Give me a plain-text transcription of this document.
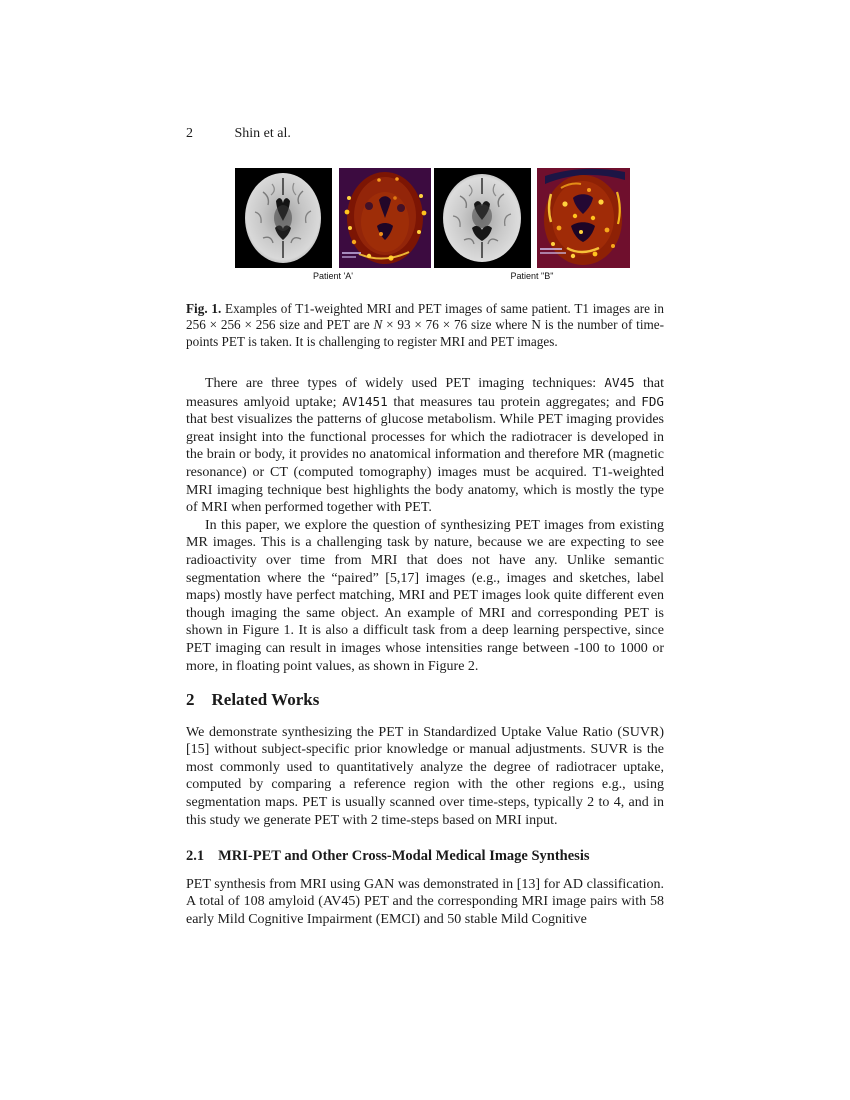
2	Shin et al.
Patient 'A'	Patient "B"
Fig. 1. Examples of T1-weighted MRI and PET images of same patient. T1 images are in 256 × 256 × 256 size and PET are N × 93 × 76 × 76 size where N is the number of time-points PET is taken. It is challenging to register MRI and PET images.

There are three types of widely used PET imaging techniques: AV45 that measures amlyoid uptake; AV1451 that measures tau protein aggregates; and FDG that best visualizes the patterns of glucose metabolism. While PET imaging provides great insight into the functional processes for which the radiotracer is developed in the brain or body, it provides no anatomical information and therefore MR (magnetic resonance) or CT (computed tomography) images must be acquired. T1-weighted MRI imaging technique best highlights the body anatomy, which is mostly the type of MRI when performed together with PET.

In this paper, we explore the question of synthesizing PET images from existing MR images. This is a challenging task by nature, because we are expecting to see radioactivity over time from MRI that does not have any. Unlike semantic segmentation where the “paired” [5,17] images (e.g., images and sketches, label maps) mostly have perfect matching, MRI and PET images look quite different even though imaging the same object. An example of MRI and corresponding PET is shown in Figure 1. It is also a difficult task from a deep learning perspective, since PET imaging can result in images whose intensities range between -100 to 1000 or more, in floating point values, as shown in Figure 2.

2 Related Works

We demonstrate synthesizing the PET in Standardized Uptake Value Ratio (SUVR) [15] without subject-specific prior knowledge or manual adjustments. SUVR is the most commonly used to quantitatively analyze the degree of radiotracer uptake, computed by comparing a reference region with the other regions e.g., using segmentation maps. PET is usually scanned over time-steps, typically 2 to 4, and in this study we generate PET with 2 time-steps based on MRI input.

2.1 MRI-PET and Other Cross-Modal Medical Image Synthesis

PET synthesis from MRI using GAN was demonstrated in [13] for AD classification. A total of 108 amyloid (AV45) PET and the corresponding MRI image pairs with 58 early Mild Cognitive Impairment (EMCI) and 50 stable Mild Cognitive
